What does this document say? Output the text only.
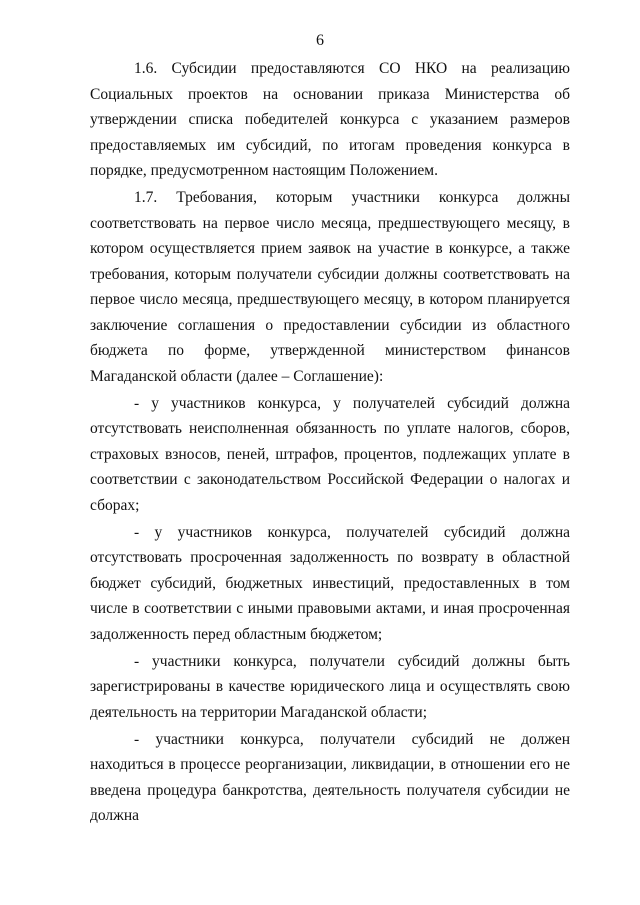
6

1.6. Субсидии предоставляются СО НКО на реализацию Социальных проектов на основании приказа Министерства об утверждении списка победителей конкурса с указанием размеров предоставляемых им субсидий, по итогам проведения конкурса в порядке, предусмотренном настоящим Положением.

1.7. Требования, которым участники конкурса должны соответствовать на первое число месяца, предшествующего месяцу, в котором осуществляется прием заявок на участие в конкурсе, а также требования, которым получатели субсидии должны соответствовать на первое число месяца, предшествующего месяцу, в котором планируется заключение соглашения о предоставлении субсидии из областного бюджета по форме, утвержденной министерством финансов Магаданской области (далее – Соглашение):

- у участников конкурса, у получателей субсидий должна отсутствовать неисполненная обязанность по уплате налогов, сборов, страховых взносов, пеней, штрафов, процентов, подлежащих уплате в соответствии с законодательством Российской Федерации о налогах и сборах;

- у участников конкурса, получателей субсидий должна отсутствовать просроченная задолженность по возврату в областной бюджет субсидий, бюджетных инвестиций, предоставленных в том числе в соответствии с иными правовыми актами, и иная просроченная задолженность перед областным бюджетом;

- участники конкурса, получатели субсидий должны быть зарегистрированы в качестве юридического лица и осуществлять свою деятельность на территории Магаданской области;

- участники конкурса, получатели субсидий не должен находиться в процессе реорганизации, ликвидации, в отношении его не введена процедура банкротства, деятельность получателя субсидии не должна
